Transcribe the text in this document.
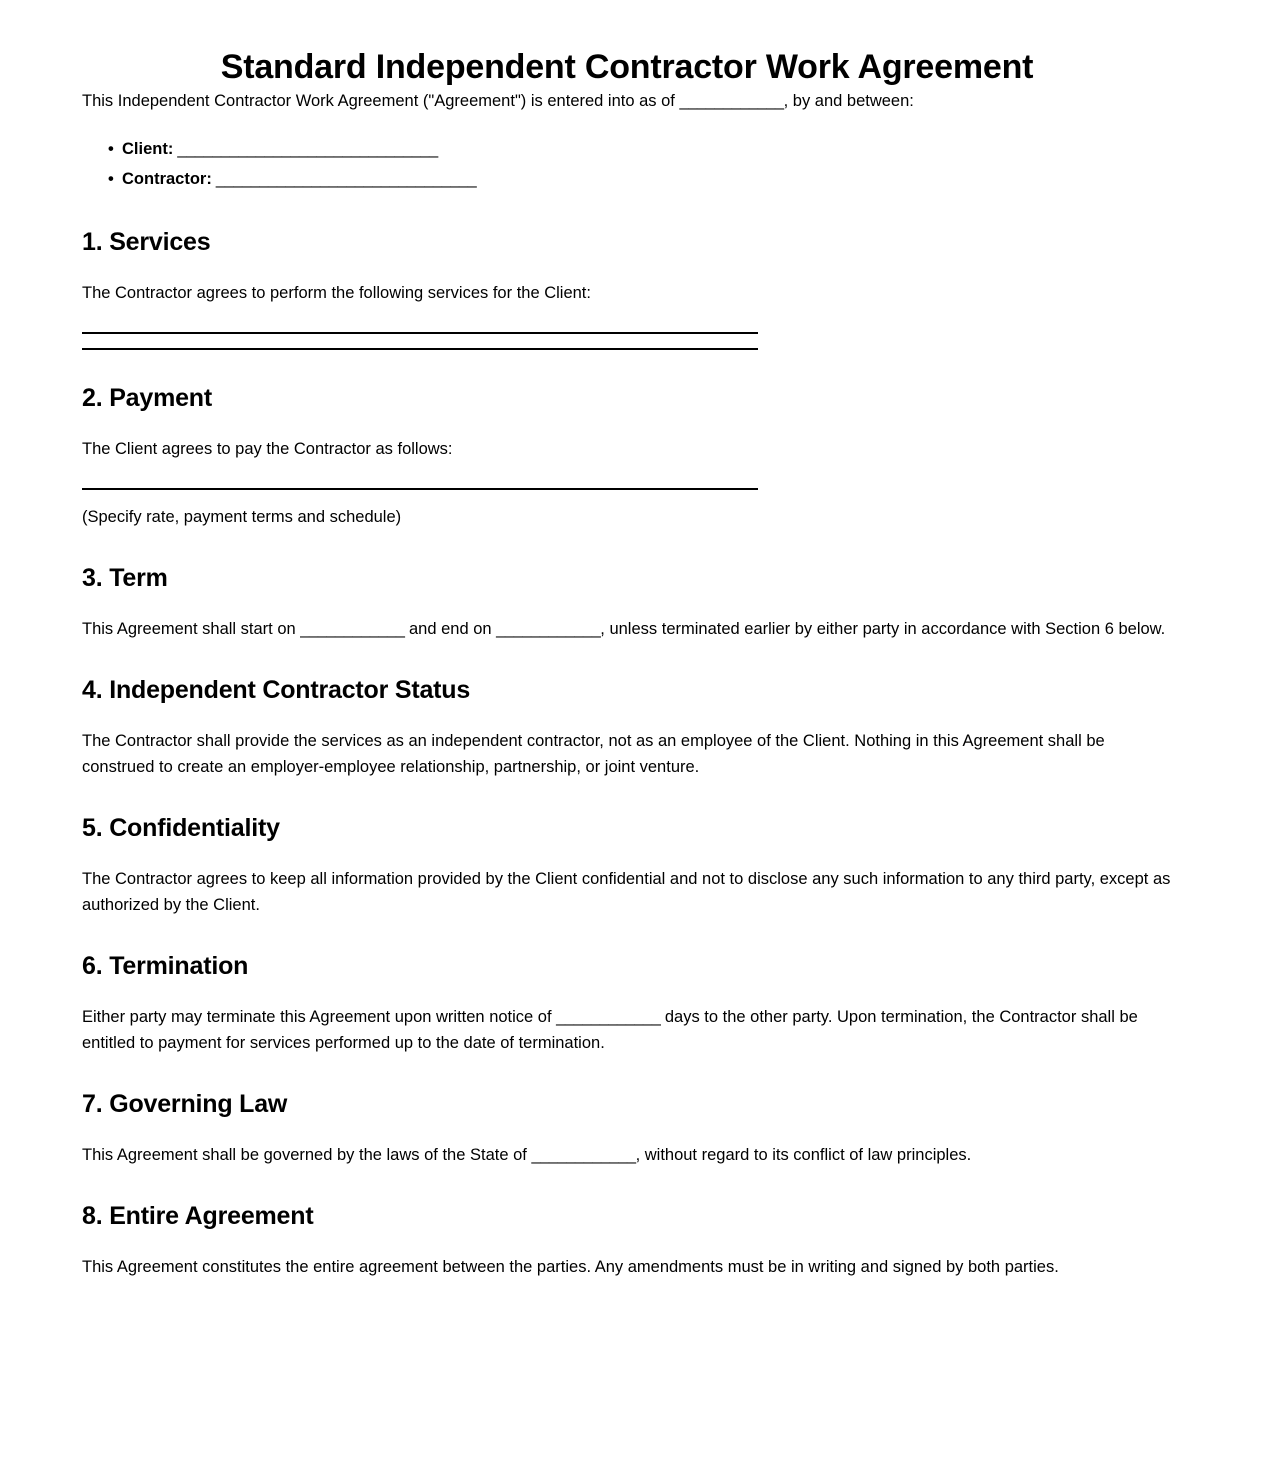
Standard Independent Contractor Work Agreement

This Independent Contractor Work Agreement ("Agreement") is entered into as of ____________, by and between:

• Client: ______________________________
• Contractor: ______________________________
1. Services

The Contractor agrees to perform the following services for the Client:

2. Payment

The Client agrees to pay the Contractor as follows:

(Specify rate, payment terms and schedule)

3. Term

This Agreement shall start on ____________ and end on ____________, unless terminated earlier by either party in accordance with Section 6 below.

4. Independent Contractor Status

The Contractor shall provide the services as an independent contractor, not as an employee of the Client. Nothing in this Agreement shall be construed to create an employer-employee relationship, partnership, or joint venture.

5. Confidentiality

The Contractor agrees to keep all information provided by the Client confidential and not to disclose any such information to any third party, except as authorized by the Client.

6. Termination

Either party may terminate this Agreement upon written notice of ____________ days to the other party. Upon termination, the Contractor shall be entitled to payment for services performed up to the date of termination.

7. Governing Law

This Agreement shall be governed by the laws of the State of ____________, without regard to its conflict of law principles.

8. Entire Agreement

This Agreement constitutes the entire agreement between the parties. Any amendments must be in writing and signed by both parties.
